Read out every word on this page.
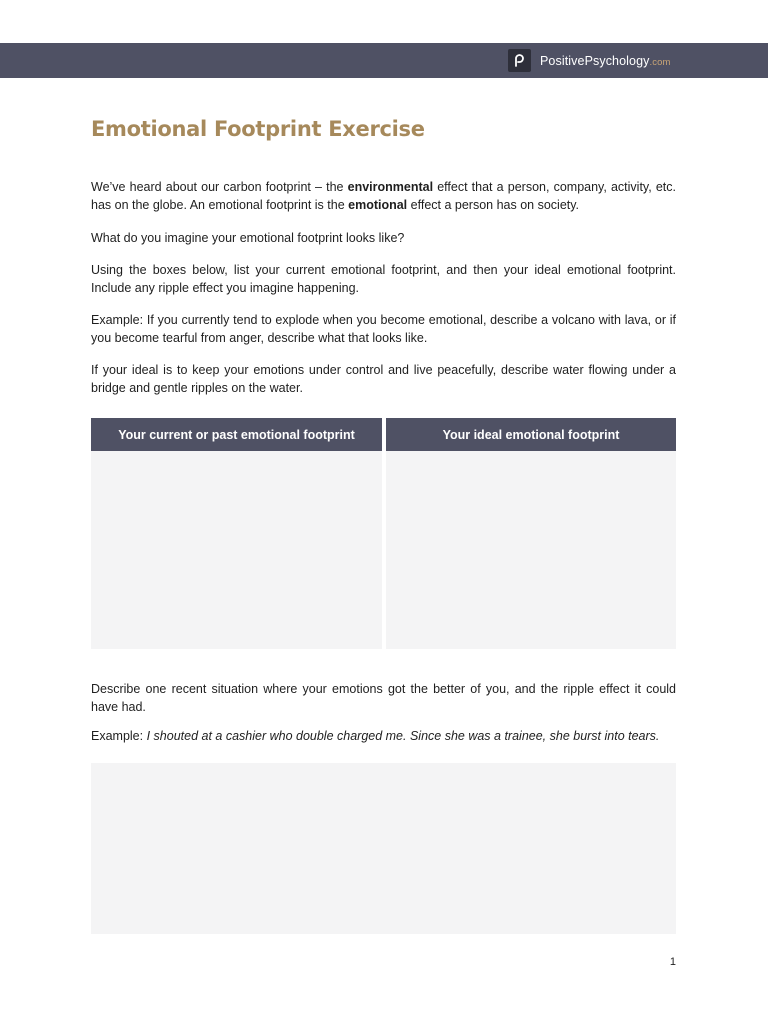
PositivePsychology.com
Emotional Footprint Exercise

We’ve heard about our carbon footprint – the environmental effect that a person, company, activity, etc. has on the globe. An emotional footprint is the emotional effect a person has on society.

What do you imagine your emotional footprint looks like?

Using the boxes below, list your current emotional footprint, and then your ideal emotional footprint. Include any ripple effect you imagine happening.

Example: If you currently tend to explode when you become emotional, describe a volcano with lava, or if you become tearful from anger, describe what that looks like.

If your ideal is to keep your emotions under control and live peacefully, describe water flowing under a bridge and gentle ripples on the water.

Your current or past emotional footprint	Your ideal emotional footprint

Describe one recent situation where your emotions got the better of you, and the ripple effect it could have had.

Example: I shouted at a cashier who double charged me. Since she was a trainee, she burst into tears.

1
